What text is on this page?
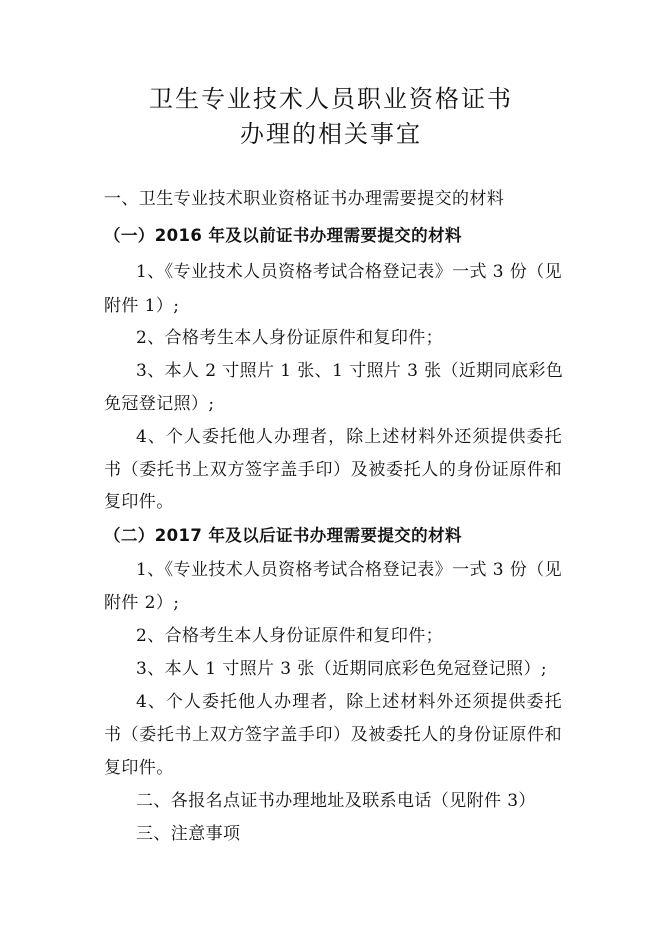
卫生专业技术人员职业资格证书
办理的相关事宜
一、卫生专业技术职业资格证书办理需要提交的材料
（一）2016 年及以前证书办理需要提交的材料
1、《专业技术人员资格考试合格登记表》一式 3 份（见
附件 1）;
2、合格考生本人身份证原件和复印件；
3、本人 2 寸照片 1 张、1 寸照片 3 张（近期同底彩色
免冠登记照）;
4、个人委托他人办理者，除上述材料外还须提供委托
书（委托书上双方签字盖手印）及被委托人的身份证原件和
复印件。
（二）2017 年及以后证书办理需要提交的材料
1、《专业技术人员资格考试合格登记表》一式 3 份（见
附件 2）;
2、合格考生本人身份证原件和复印件；
3、本人 1 寸照片 3 张（近期同底彩色免冠登记照）;
4、个人委托他人办理者，除上述材料外还须提供委托
书（委托书上双方签字盖手印）及被委托人的身份证原件和
复印件。
二、各报名点证书办理地址及联系电话（见附件 3）
三、注意事项
